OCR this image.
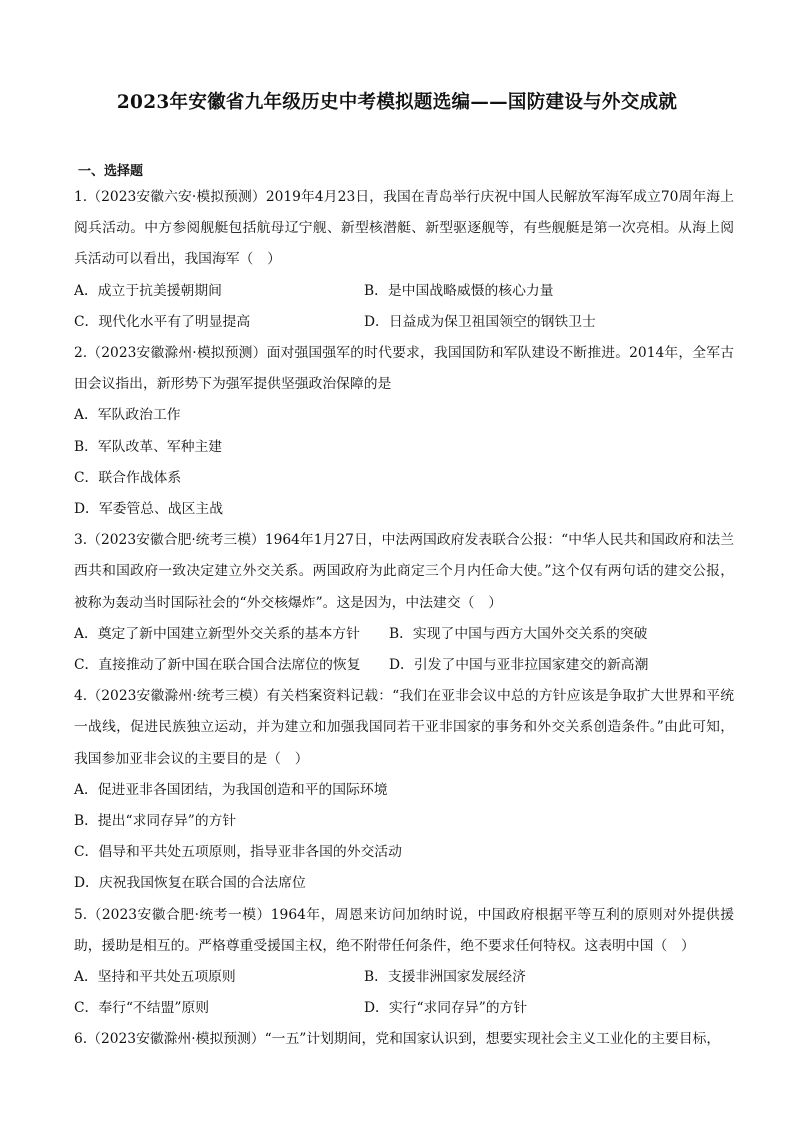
2023年安徽省九年级历史中考模拟题选编——国防建设与外交成就
一、选择题

1.（2023安徽六安·模拟预测）2019年4月23日，我国在青岛举行庆祝中国人民解放军海军成立70周年海上阅兵活动。中方参阅舰艇包括航母辽宁舰、新型核潜艇、新型驱逐舰等，有些舰艇是第一次亮相。从海上阅兵活动可以看出，我国海军（　）

A．成立于抗美援朝期间	B．是中国战略威慑的核心力量
C．现代化水平有了明显提高	D．日益成为保卫祖国领空的钢铁卫士

2.（2023安徽滁州·模拟预测）面对强国强军的时代要求，我国国防和军队建设不断推进。2014年，全军古田会议指出，新形势下为强军提供坚强政治保障的是

A．军队政治工作

B．军队改革、军种主建

C．联合作战体系

D．军委管总、战区主战

3.（2023安徽合肥·统考三模）1964年1月27日，中法两国政府发表联合公报：“中华人民共和国政府和法兰西共和国政府一致决定建立外交关系。两国政府为此商定三个月内任命大使。”这个仅有两句话的建交公报，被称为轰动当时国际社会的“外交核爆炸”。这是因为，中法建交（　）

A．奠定了新中国建立新型外交关系的基本方针	B．实现了中国与西方大国外交关系的突破
C．直接推动了新中国在联合国合法席位的恢复	D．引发了中国与亚非拉国家建交的新高潮

4.（2023安徽滁州·统考三模）有关档案资料记载：“我们在亚非会议中总的方针应该是争取扩大世界和平统一战线，促进民族独立运动，并为建立和加强我国同若干亚非国家的事务和外交关系创造条件。”由此可知，我国参加亚非会议的主要目的是（　）

A．促进亚非各国团结，为我国创造和平的国际环境

B．提出“求同存异”的方针

C．倡导和平共处五项原则，指导亚非各国的外交活动

D．庆祝我国恢复在联合国的合法席位

5.（2023安徽合肥·统考一模）1964年，周恩来访问加纳时说，中国政府根据平等互利的原则对外提供援助，援助是相互的。严格尊重受援国主权，绝不附带任何条件，绝不要求任何特权。这表明中国（　）

A．坚持和平共处五项原则	B．支援非洲国家发展经济
C．奉行“不结盟”原则	D．实行“求同存异”的方针

6.（2023安徽滁州·模拟预测）“一五”计划期间，党和国家认识到，想要实现社会主义工业化的主要目标，
